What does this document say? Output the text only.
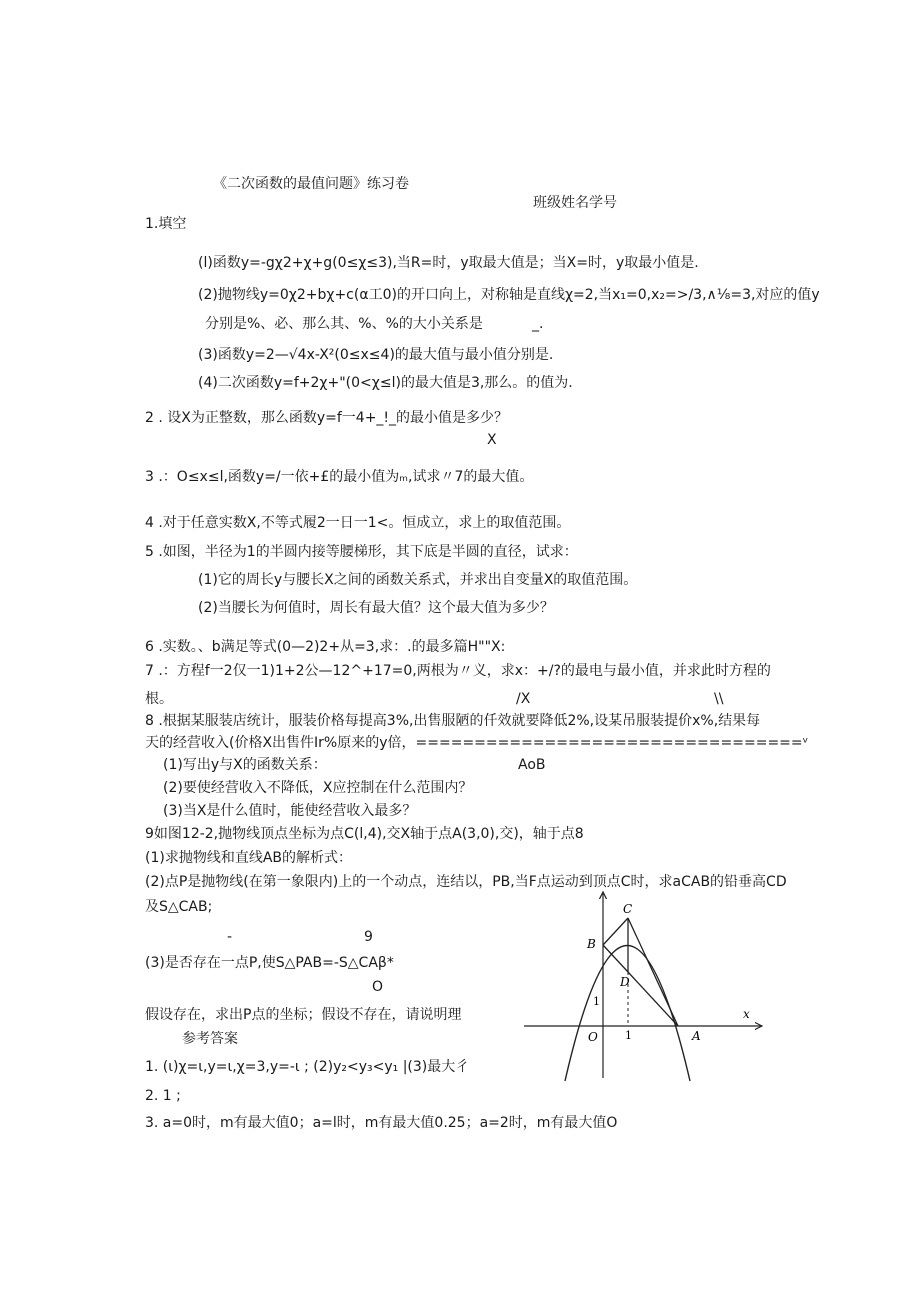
《二次函数的最值问题》练习卷
班级姓名学号
1.填空
(l)函数y=-gχ2+χ+g(0≤χ≤3),当R=时，y取最大值是；当X=时，y取最小值是.
(2)抛物线y=0χ2+bχ+c(α工0)的开口向上，对称轴是直线χ=2,当x₁=0,x₂=>/3,∧⅛=3,对应的值y
分别是%、必、那么其、%、%的大小关系是	_.
(3)函数y=2—√4x-X²(0≤x≤4)的最大值与最小值分别是.
(4)二次函数y=f+2χ+"(0<χ≤l)的最大值是3,那么。的值为.
2 . 设X为正整数，那么函数y=f一4+_!_的最小值是多少？
X
3 .：O≤x≤l,函数y=/一依+£的最小值为ₘ,试求〃7的最大值。
4 .对于任意实数X,不等式履2一日一1<。恒成立，求上的取值范围。
5 .如图，半径为1的半圆内接等腰梯形，其下底是半圆的直径，试求：
(1)它的周长y与腰长X之间的函数关系式，并求出自变量X的取值范围。
(2)当腰长为何值时，周长有最大值？这个最大值为多少？
6 .实数。、b满足等式(0—2)2+从=3,求：.的最多篇H""X:
7 .：方程f一2仅一1)1+2公—12^+17=0,两根为〃义，求x：+/?的最电与最小值，并求此时方程的
根。	/X	\\
8 .根据某服装店统计，服装价格每提高3%,出售服陋的仟效就要降低2%,设某吊服装提价x%,结果每
天的经营收入(价格X出售件Ir%原来的y倍，=================================ᵛ
(1)写出y与X的函数关系：	AoB
(2)要使经营收入不降低，X应控制在什么范围内？
(3)当X是什么值时，能使经营收入最多？
9如图12-2,抛物线顶点坐标为点C(l,4),交X轴于点A(3,0),交)，轴于点8
(1)求抛物线和直线AB的解析式：
(2)点P是抛物线(在第一象限内)上的一个动点，连结以，PB,当F点运动到顶点C时，求aCAB的铅垂高CD
及S△CAB;
-	9
(3)是否存在一点P,使S△PAB=-S△CAβ*
O
假设存在，求出P点的坐标；假设不存在，请说明理
参考答案
1. (ι)χ=ι,y=ι,χ=3,y=-ι ; (2)y₂<y₃<y₁ |(3)最大彳
2. 1 ;
3. a=0时，m有最大值0；a=l时，m有最大值0.25；a=2时，m有最大值O
C
B
D
A
O 1
1
x
